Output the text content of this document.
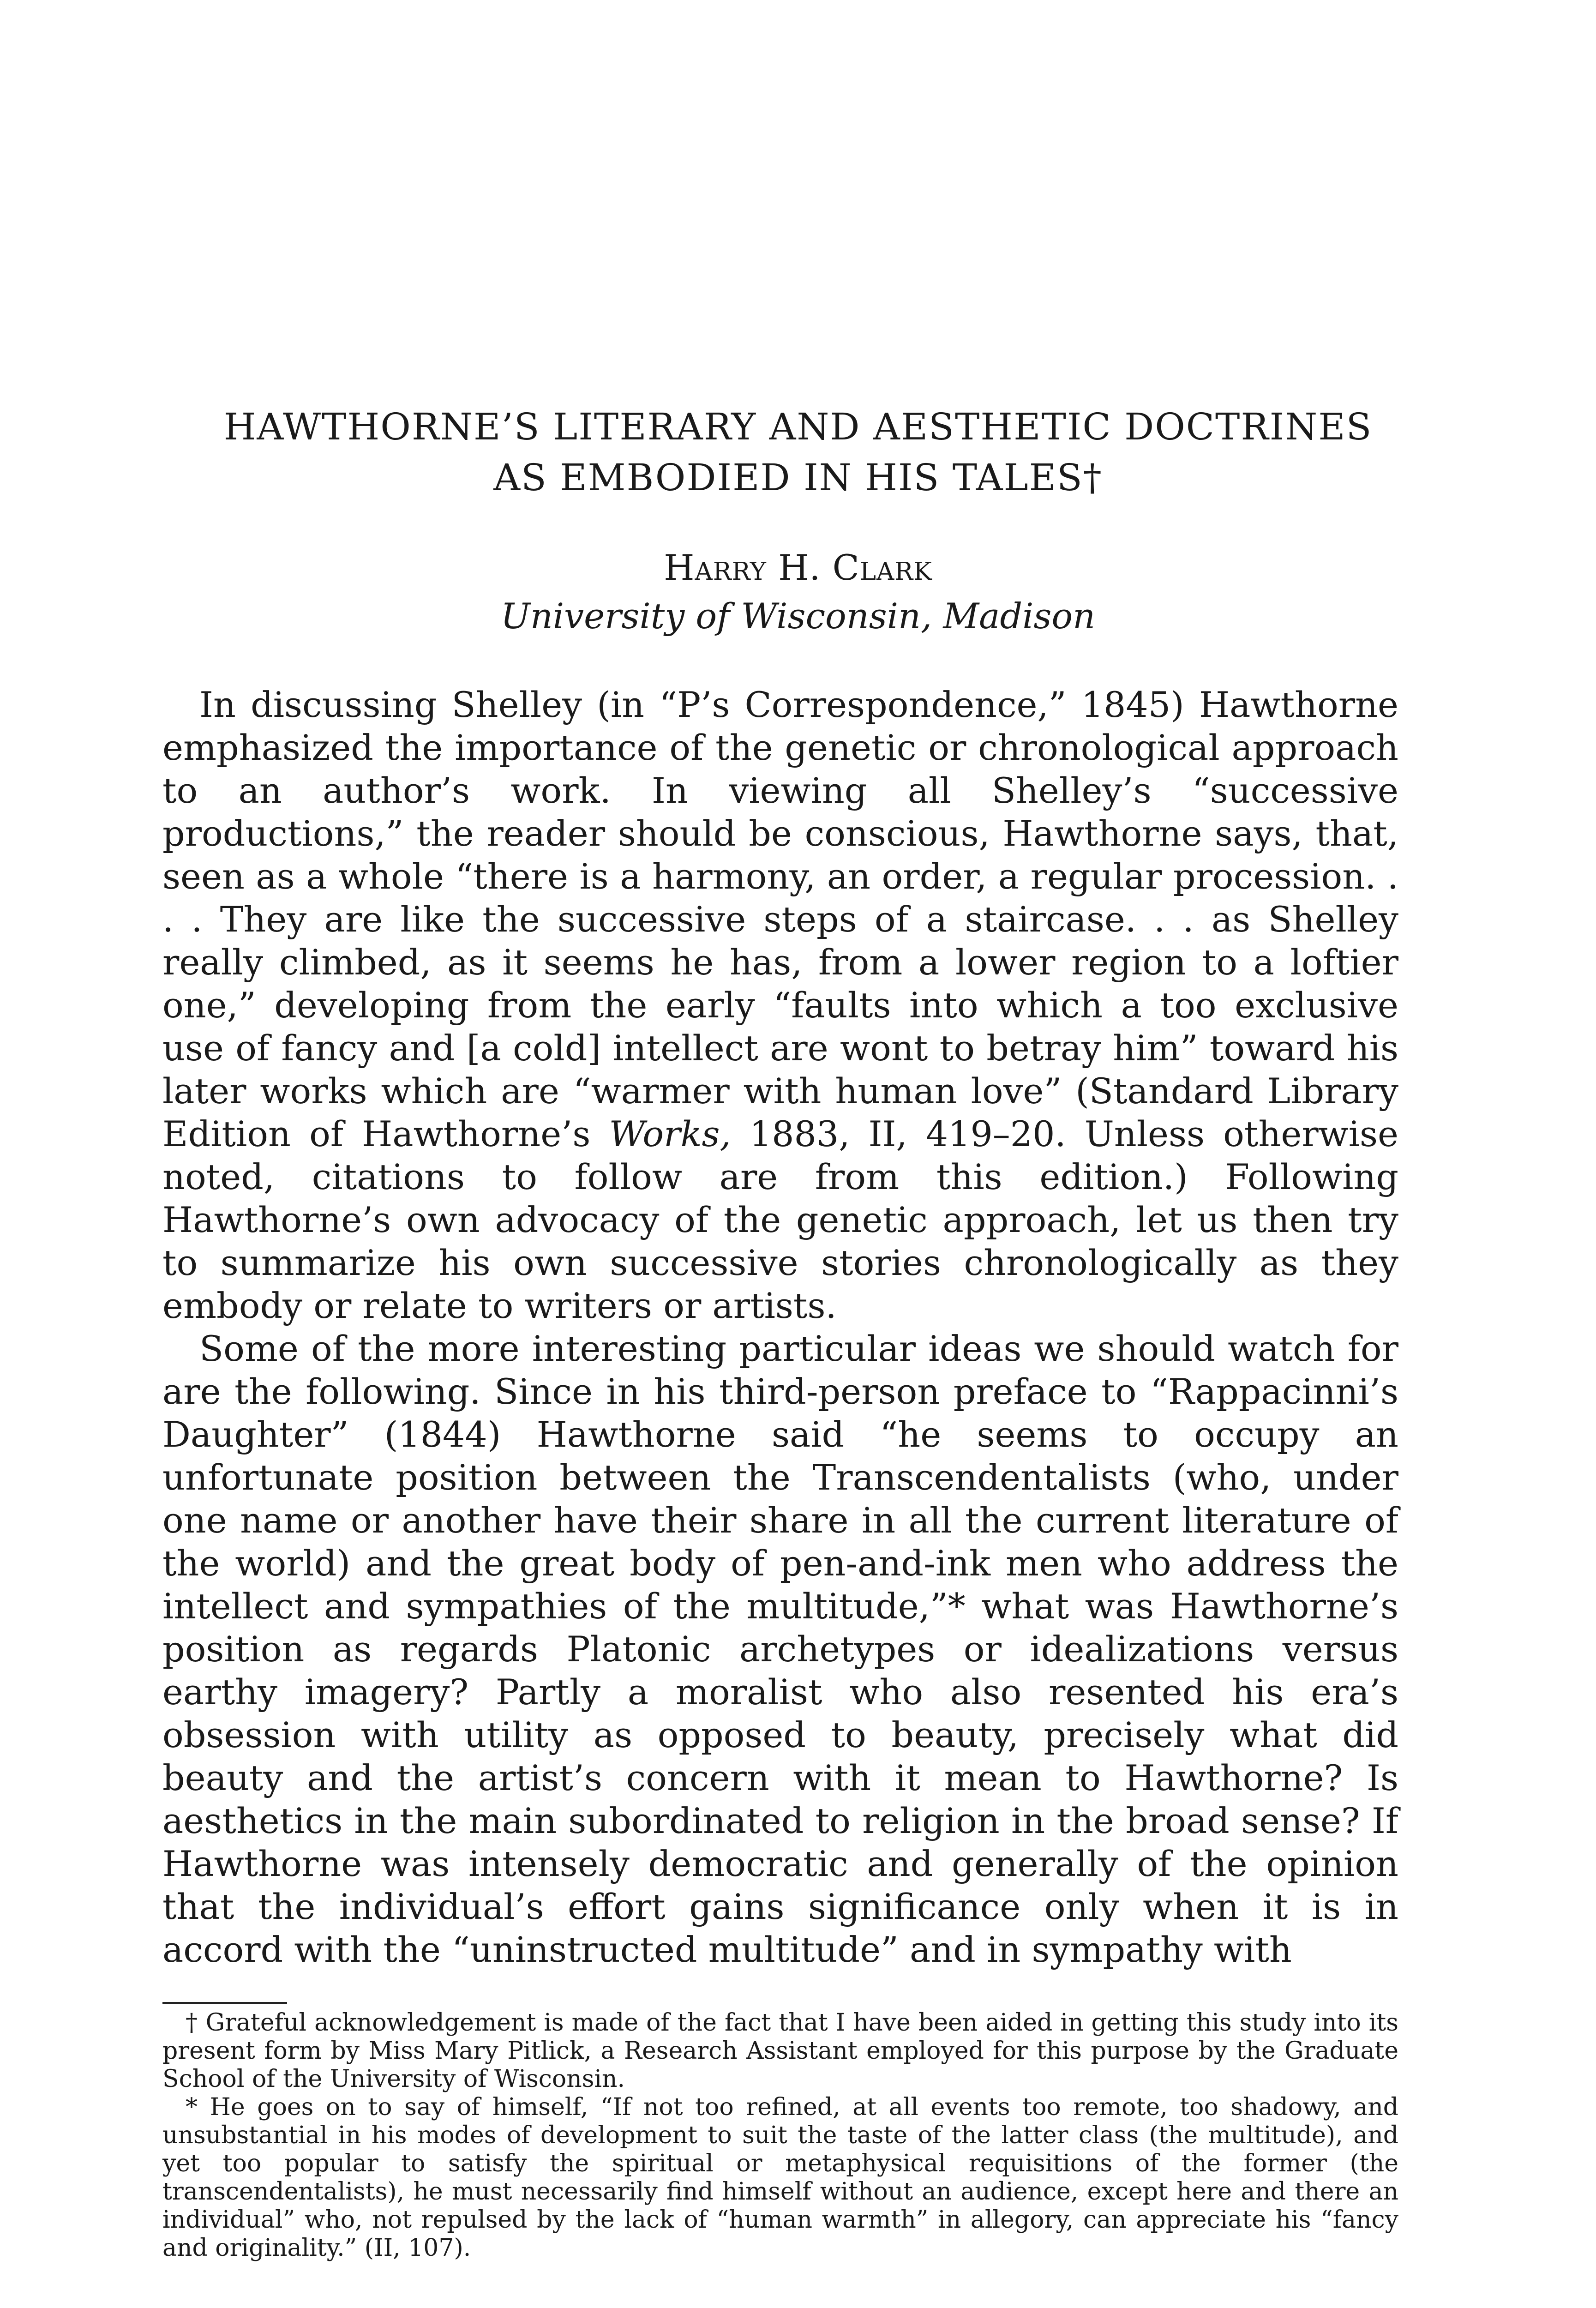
HAWTHORNE’S LITERARY AND AESTHETIC DOCTRINES
AS EMBODIED IN HIS TALES†
Harry H. Clark
University of Wisconsin, Madison

In discussing Shelley (in “P’s Correspondence,” 1845) Hawthorne emphasized the importance of the genetic or chronological approach to an author’s work. In viewing all Shelley’s “successive productions,” the reader should be conscious, Hawthorne says, that, seen as a whole “there is a harmony, an order, a regular procession. . . . They are like the successive steps of a staircase. . . as Shelley really climbed, as it seems he has, from a lower region to a loftier one,” developing from the early “faults into which a too exclusive use of fancy and [a cold] intellect are wont to betray him” toward his later works which are “warmer with human love” (Standard Library Edition of Hawthorne’s Works, 1883, II, 419–20. Unless otherwise noted, citations to follow are from this edition.) Following Hawthorne’s own advocacy of the genetic approach, let us then try to summarize his own successive stories chronologically as they embody or relate to writers or artists.

Some of the more interesting particular ideas we should watch for are the following. Since in his third-person preface to “Rappacinni’s Daughter” (1844) Hawthorne said “he seems to occupy an unfortunate position between the Transcendentalists (who, under one name or another have their share in all the current literature of the world) and the great body of pen-and-ink men who address the intellect and sympathies of the multitude,”* what was Hawthorne’s position as regards Platonic archetypes or idealizations versus earthy imagery? Partly a moralist who also resented his era’s obsession with utility as opposed to beauty, precisely what did beauty and the artist’s concern with it mean to Hawthorne? Is aesthetics in the main subordinated to religion in the broad sense? If Hawthorne was intensely democratic and generally of the opinion that the individual’s effort gains significance only when it is in accord with the “uninstructed multitude” and in sympathy with

† Grateful acknowledgement is made of the fact that I have been aided in getting this study into its present form by Miss Mary Pitlick, a Research Assistant employed for this purpose by the Graduate School of the University of Wisconsin.

* He goes on to say of himself, “If not too refined, at all events too remote, too shadowy, and unsubstantial in his modes of development to suit the taste of the latter class (the multitude), and yet too popular to satisfy the spiritual or metaphysical requisitions of the former (the transcendentalists), he must necessarily find himself without an audience, except here and there an individual” who, not repulsed by the lack of “human warmth” in allegory, can appreciate his “fancy and originality.” (II, 107).
